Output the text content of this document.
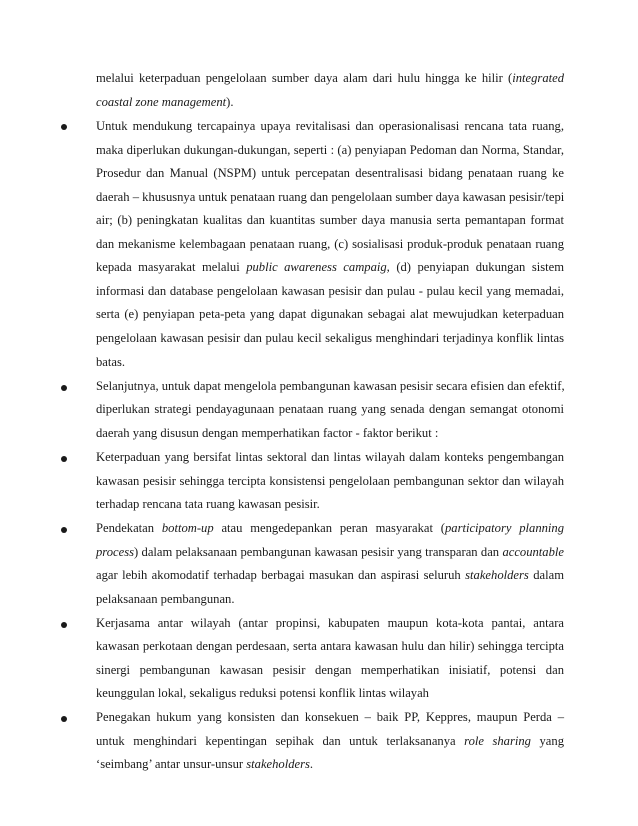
melalui keterpaduan pengelolaan sumber daya alam dari hulu hingga ke hilir (integrated
coastal zone management).
Untuk mendukung tercapainya upaya revitalisasi dan operasionalisasi rencana tata ruang,
maka diperlukan dukungan-dukungan, seperti : (a) penyiapan Pedoman dan Norma, Standar,
Prosedur dan Manual (NSPM) untuk percepatan desentralisasi bidang penataan ruang ke
daerah – khususnya untuk penataan ruang dan pengelolaan sumber daya kawasan pesisir/tepi
air; (b) peningkatan kualitas dan kuantitas sumber daya manusia serta pemantapan format
dan mekanisme kelembagaan penataan ruang, (c) sosialisasi produk-produk penataan ruang
kepada masyarakat melalui public awareness campaig, (d) penyiapan dukungan sistem
informasi dan database pengelolaan kawasan pesisir dan pulau - pulau kecil yang memadai,
serta (e) penyiapan peta-peta yang dapat digunakan sebagai alat mewujudkan keterpaduan
pengelolaan kawasan pesisir dan pulau kecil sekaligus menghindari terjadinya konflik lintas
batas.
Selanjutnya, untuk dapat mengelola pembangunan kawasan pesisir secara efisien dan efektif,
diperlukan strategi pendayagunaan penataan ruang yang senada dengan semangat otonomi
daerah yang disusun dengan memperhatikan factor - faktor berikut :
Keterpaduan yang bersifat lintas sektoral dan lintas wilayah dalam konteks pengembangan
kawasan pesisir sehingga tercipta konsistensi pengelolaan pembangunan sektor dan wilayah
terhadap rencana tata ruang kawasan pesisir.
Pendekatan bottom-up atau mengedepankan peran masyarakat (participatory planning
process) dalam pelaksanaan pembangunan kawasan pesisir yang transparan dan accountable
agar lebih akomodatif terhadap berbagai masukan dan aspirasi seluruh stakeholders dalam
pelaksanaan pembangunan.
Kerjasama antar wilayah (antar propinsi, kabupaten maupun kota-kota pantai, antara
kawasan perkotaan dengan perdesaan, serta antara kawasan hulu dan hilir) sehingga tercipta
sinergi pembangunan kawasan pesisir dengan memperhatikan inisiatif, potensi dan
keunggulan lokal, sekaligus reduksi potensi konflik lintas wilayah
Penegakan hukum yang konsisten dan konsekuen – baik PP, Keppres, maupun Perda –
untuk menghindari kepentingan sepihak dan untuk terlaksananya role sharing yang
‘seimbang’ antar unsur-unsur stakeholders.
